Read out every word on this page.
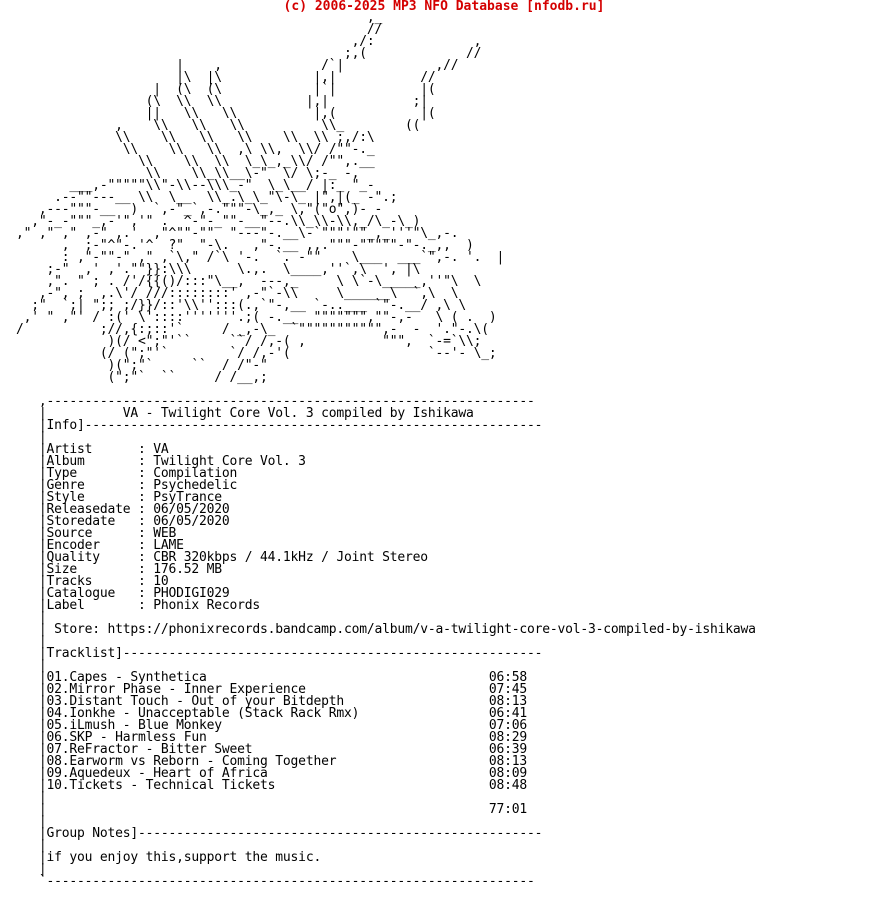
(c) 2006-2025 MP3 NFO Database [nfodb.ru]
,_
//
,/:             ,
;,(             //
|    ,             /`|            ,//
|\  |\            |,|           //
|  (\  (\            |`|           |(
(\  \\  \\           |,|           ;|
||   \\   \\          |,(           |(
,    \\   \\   \\          \\_        ((
\\    \\   \\   \\    \\  \\ ;,/:\
\\    \\   \\  ,\ \\,  \\/ /""-._
\\    \\  \\  \_\_,_\\/ /"",.__
\\    \\_\\__\-"  \/ \;-_ -,
___,-"""""\\"-\\--\\\_-"  \_\__/ |:_ "_-
.--""---__ \\  \__  \\_.\_\_"\-\_ |",|(_ -".;
,---"""-__  )  `,-"_`,-."""-\_,_ \,"("o",)- -
,"-_-"""_,-'",'" .  ^-"-_""-__"--.\\_\\-\\,_/\_-\_)
," ," ," ,-" ,.'  ,"^""-""  "---"-.__\-`"""'""_,_'''"\_,-.
,  ;-"^"-.'^  ?"  "-\.   ,"-.__ ,,."""-"""""-"-._,,  )
: ,"-""-" ," ,`\," /`\ '-.  `. -""    \___  ___`",-. '.  |
;-"  ,' ,'.""}}:\\\      \.,.  \____,''`,\  ', |\
,". " ; . /'/{{()/:::"\__,  ---,_     \ \`-\_____,''"\  \
,-", ;  ,.\'/ ///::::::::' ,-"`-\\     \______\  `,\  \
;"  `;| ";; ;/}}/::'\\'':::(.,`"-,__ `-..___ `"-.__/ ,\ \
,' " ,"' / :(' \'::::'''''''.;( -.__  """"""",""-,-   \ ( .  )
/          ;//,{:;::'`     / _,-\_  `""""""""""",-  -  '."-.\(
)(/ <";"'``     ``/ /,-( ,          """,  `-=`\\;
(/ (";"'`        `/ /,-'(                  `--'- \_;
)(";"`     ``  / /"-"
(";"`  ``     / /__,;
,----------------------------------------------------------------
|          VA - Twilight Core Vol. 3 compiled by Ishikawa
|Info]------------------------------------------------------------
|
|Artist      : VA
|Album       : Twilight Core Vol. 3
|Type        : Compilation
|Genre       : Psychedelic
|Style       : PsyTrance
|Releasedate : 06/05/2020
|Storedate   : 06/05/2020
|Source      : WEB
|Encoder     : LAME
|Quality     : CBR 320kbps / 44.1kHz / Joint Stereo
|Size        : 176.52 MB
|Tracks      : 10
|Catalogue   : PHODIGI029
|Label       : Phonix Records
|
| Store: https://phonixrecords.bandcamp.com/album/v-a-twilight-core-vol-3-compiled-by-ishikawa
|
|Tracklist]-------------------------------------------------------
|
|01.Capes - Synthetica                                     06:58
|02.Mirror Phase - Inner Experience                        07:45
|03.Distant Touch - Out of your Bitdepth                   08:13
|04.Ionkhe - Unacceptable (Stack Rack Rmx)                 06:41
|05.iLmush - Blue Monkey                                   07:06
|06.SKP - Harmless Fun                                     08:29
|07.ReFractor - Bitter Sweet                               06:39
|08.Earworm vs Reborn - Coming Together                    08:13
|09.Aquedeux - Heart of Africa                             08:09
|10.Tickets - Technical Tickets                            08:48
|
|                                                          77:01
|
|Group Notes]-----------------------------------------------------
|
|if you enjoy this,support the music.
|
`----------------------------------------------------------------
